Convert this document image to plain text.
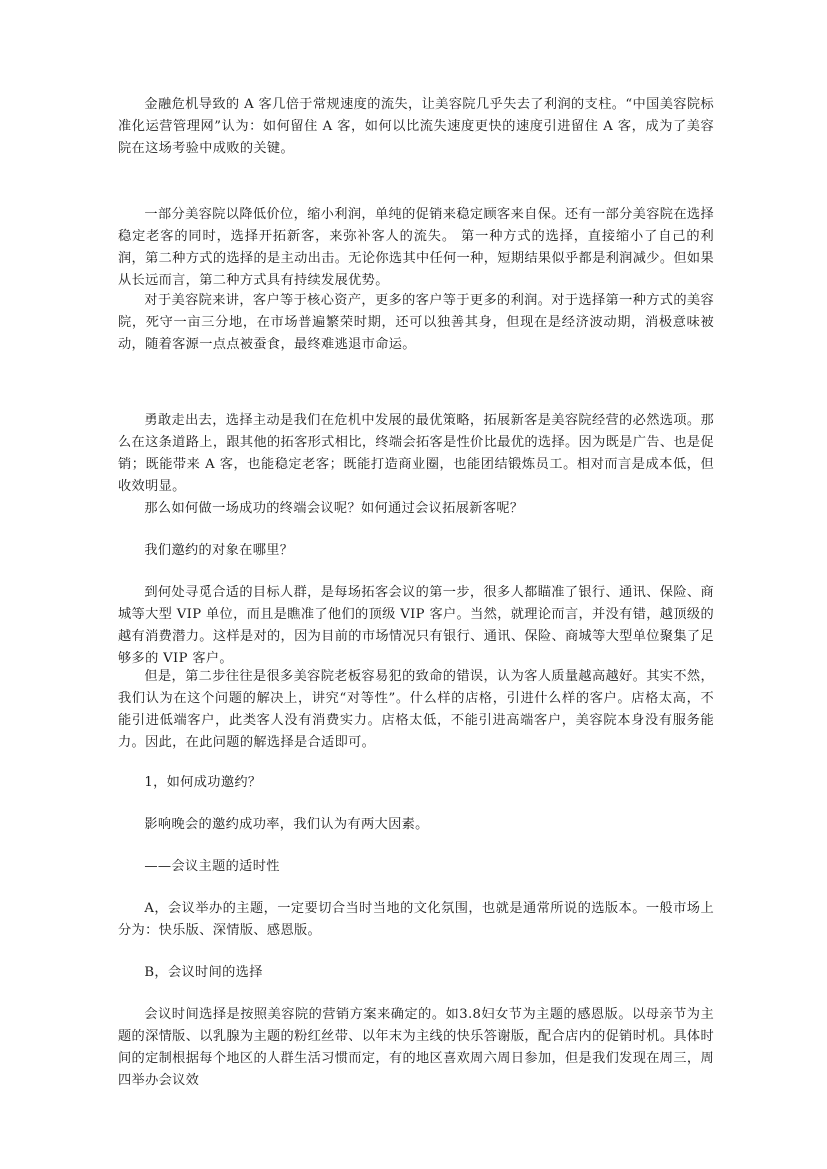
金融危机导致的 A 客几倍于常规速度的流失，让美容院几乎失去了利润的支柱。“中国美容院标准化运营管理网”认为：如何留住 A 客，如何以比流失速度更快的速度引进留住 A 客，成为了美容院在这场考验中成败的关键。

一部分美容院以降低价位，缩小利润，单纯的促销来稳定顾客来自保。还有一部分美容院在选择稳定老客的同时，选择开拓新客，来弥补客人的流失。 第一种方式的选择，直接缩小了自己的利润，第二种方式的选择的是主动出击。无论你选其中任何一种，短期结果似乎都是利润减少。但如果从长远而言，第二种方式具有持续发展优势。

对于美容院来讲，客户等于核心资产，更多的客户等于更多的利润。对于选择第一种方式的美容院，死守一亩三分地，在市场普遍繁荣时期，还可以独善其身，但现在是经济波动期，消极意味被动，随着客源一点点被蚕食，最终难逃退市命运。

勇敢走出去，选择主动是我们在危机中发展的最优策略，拓展新客是美容院经营的必然选项。那么在这条道路上，跟其他的拓客形式相比，终端会拓客是性价比最优的选择。因为既是广告、也是促销；既能带来 A 客，也能稳定老客；既能打造商业圈，也能团结锻炼员工。相对而言是成本低，但收效明显。

那么如何做一场成功的终端会议呢？如何通过会议拓展新客呢？

我们邀约的对象在哪里？

到何处寻觅合适的目标人群，是每场拓客会议的第一步，很多人都瞄准了银行、通讯、保险、商城等大型 VIP 单位，而且是瞧准了他们的顶级 VIP 客户。当然，就理论而言，并没有错，越顶级的越有消费潜力。这样是对的，因为目前的市场情况只有银行、通讯、保险、商城等大型单位聚集了足够多的 VIP 客户。

但是，第二步往往是很多美容院老板容易犯的致命的错误，认为客人质量越高越好。其实不然，我们认为在这个问题的解决上，讲究“对等性”。什么样的店格，引进什么样的客户。店格太高，不能引进低端客户，此类客人没有消费实力。店格太低，不能引进高端客户，美容院本身没有服务能力。因此，在此问题的解选择是合适即可。

1，如何成功邀约？

影响晚会的邀约成功率，我们认为有两大因素。

——会议主题的适时性

A，会议举办的主题，一定要切合当时当地的文化氛围，也就是通常所说的选版本。一般市场上分为：快乐版、深情版、感恩版。

B，会议时间的选择

会议时间选择是按照美容院的营销方案来确定的。如3.8妇女节为主题的感恩版。以母亲节为主题的深情版、以乳腺为主题的粉红丝带、以年末为主线的快乐答谢版，配合店内的促销时机。具体时间的定制根据每个地区的人群生活习惯而定，有的地区喜欢周六周日参加，但是我们发现在周三，周四举办会议效
